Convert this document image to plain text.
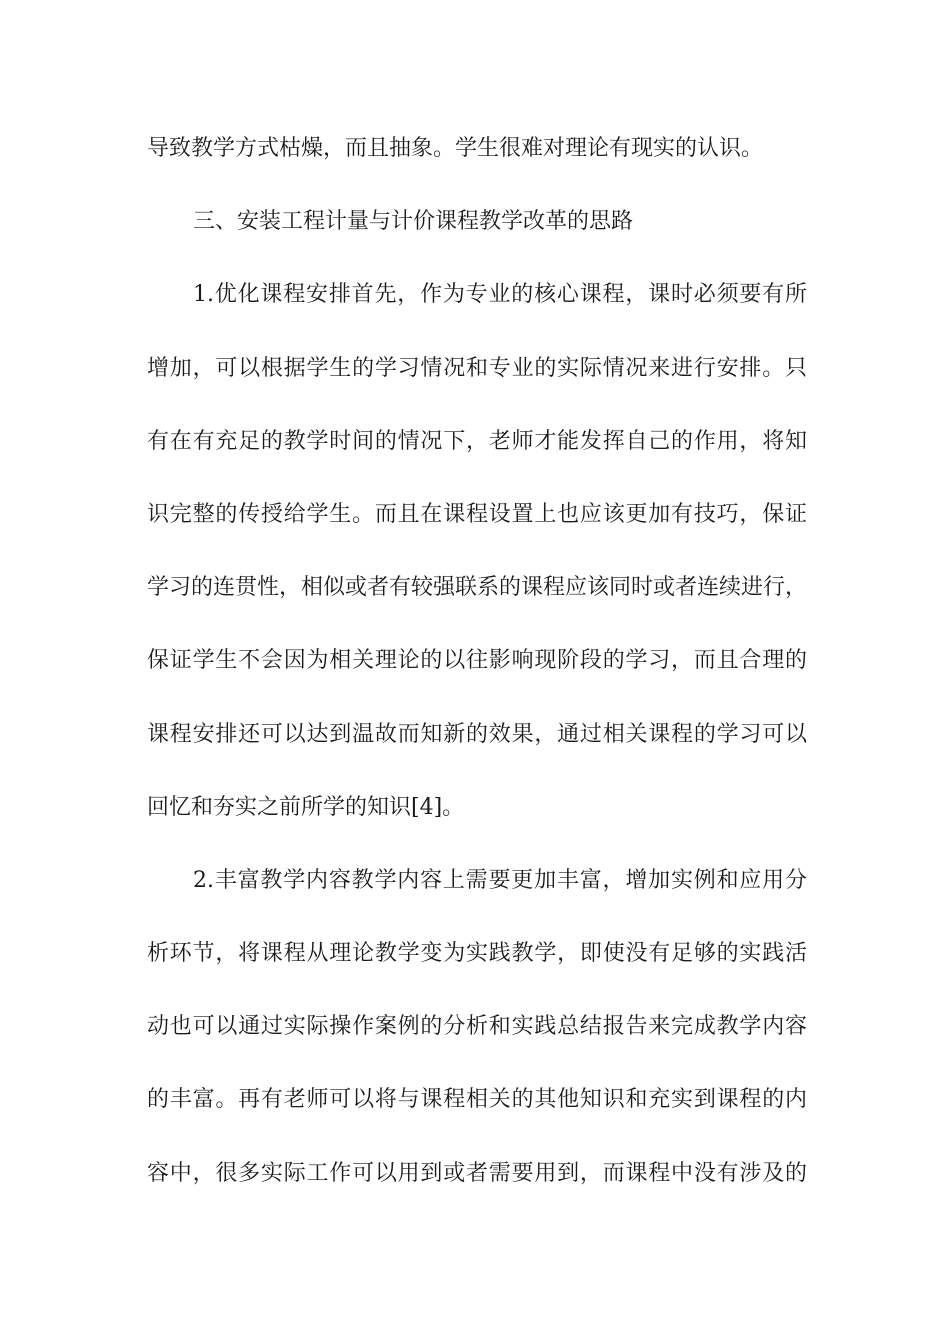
导致教学方式枯燥，而且抽象。学生很难对理论有现实的认识。
三、安装工程计量与计价课程教学改革的思路
1.优化课程安排首先，作为专业的核心课程，课时必须要有所
增加，可以根据学生的学习情况和专业的实际情况来进行安排。只
有在有充足的教学时间的情况下，老师才能发挥自己的作用，将知
识完整的传授给学生。而且在课程设置上也应该更加有技巧，保证
学习的连贯性，相似或者有较强联系的课程应该同时或者连续进行，
保证学生不会因为相关理论的以往影响现阶段的学习，而且合理的
课程安排还可以达到温故而知新的效果，通过相关课程的学习可以
回忆和夯实之前所学的知识[4]。
2.丰富教学内容教学内容上需要更加丰富，增加实例和应用分
析环节，将课程从理论教学变为实践教学，即使没有足够的实践活
动也可以通过实际操作案例的分析和实践总结报告来完成教学内容
的丰富。再有老师可以将与课程相关的其他知识和充实到课程的内
容中，很多实际工作可以用到或者需要用到，而课程中没有涉及的
